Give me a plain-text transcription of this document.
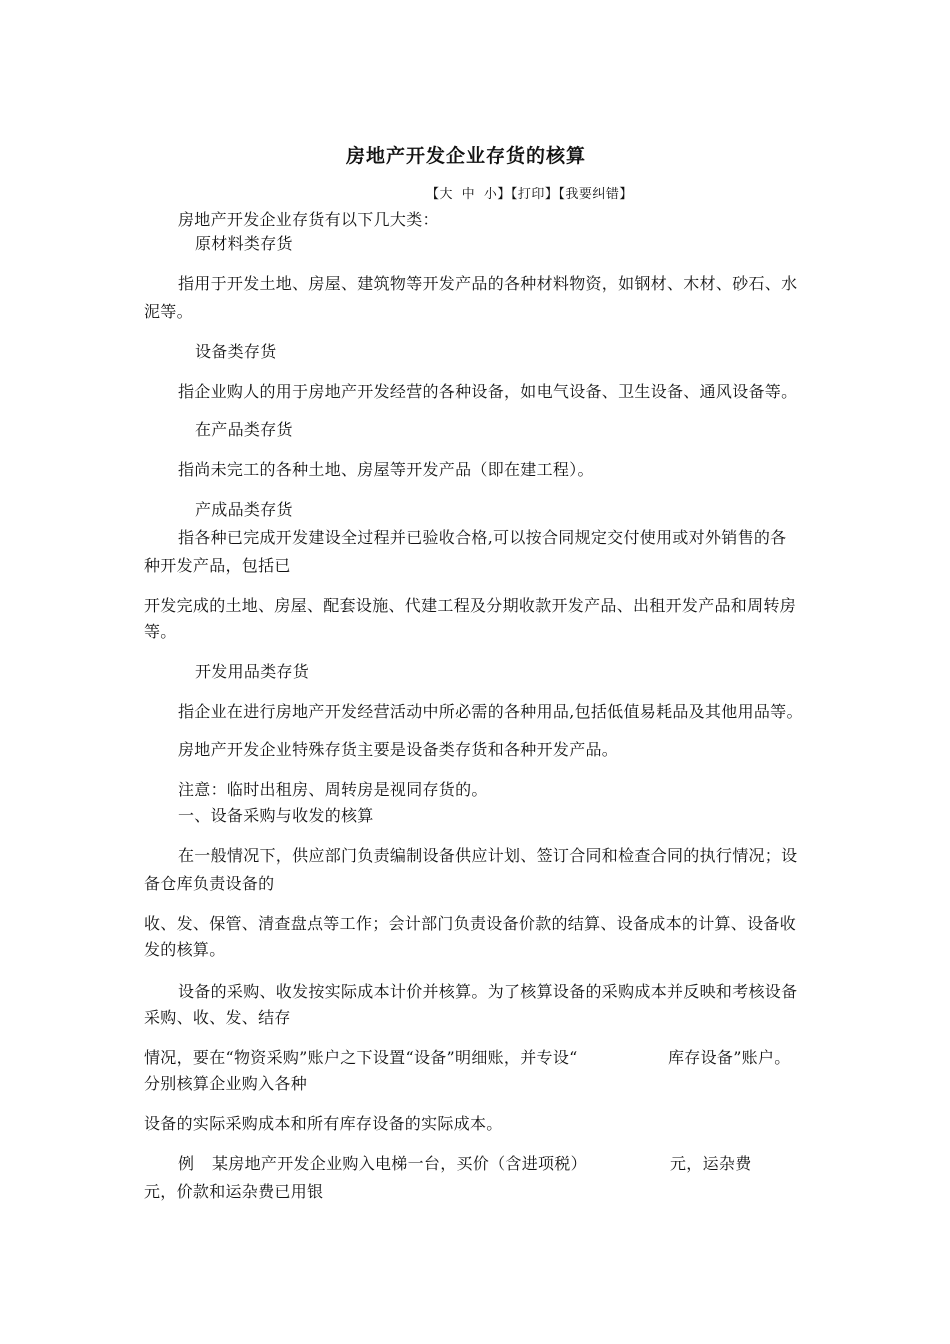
房地产开发企业存货的核算
【大 中 小】【打印】【我要纠错】

房地产开发企业存货有以下几大类：

原材料类存货

指用于开发土地、房屋、建筑物等开发产品的各种材料物资，如钢材、木材、砂石、水

泥等。

设备类存货

指企业购人的用于房地产开发经营的各种设备，如电气设备、卫生设备、通风设备等。

在产品类存货

指尚未完工的各种土地、房屋等开发产品（即在建工程）。

产成品类存货

指各种已完成开发建设全过程并已验收合格,可以按合同规定交付使用或对外销售的各

种开发产品，包括已

开发完成的土地、房屋、配套设施、代建工程及分期收款开发产品、出租开发产品和周转房

等。

开发用品类存货

指企业在进行房地产开发经营活动中所必需的各种用品,包括低值易耗品及其他用品等。

房地产开发企业特殊存货主要是设备类存货和各种开发产品。

注意：临时出租房、周转房是视同存货的。

一、设备采购与收发的核算

在一般情况下，供应部门负责编制设备供应计划、签订合同和检查合同的执行情况；设

备仓库负责设备的

收、发、保管、清查盘点等工作；会计部门负责设备价款的结算、设备成本的计算、设备收

发的核算。

设备的采购、收发按实际成本计价并核算。为了核算设备的采购成本并反映和考核设备

采购、收、发、结存

情况，要在“物资采购”账户之下设置“设备”明细账，并专设“	库存设备”账户。

分别核算企业购入各种

设备的实际采购成本和所有库存设备的实际成本。

例 某房地产开发企业购入电梯一台，买价（含进项税）	元，运杂费

元，价款和运杂费已用银
